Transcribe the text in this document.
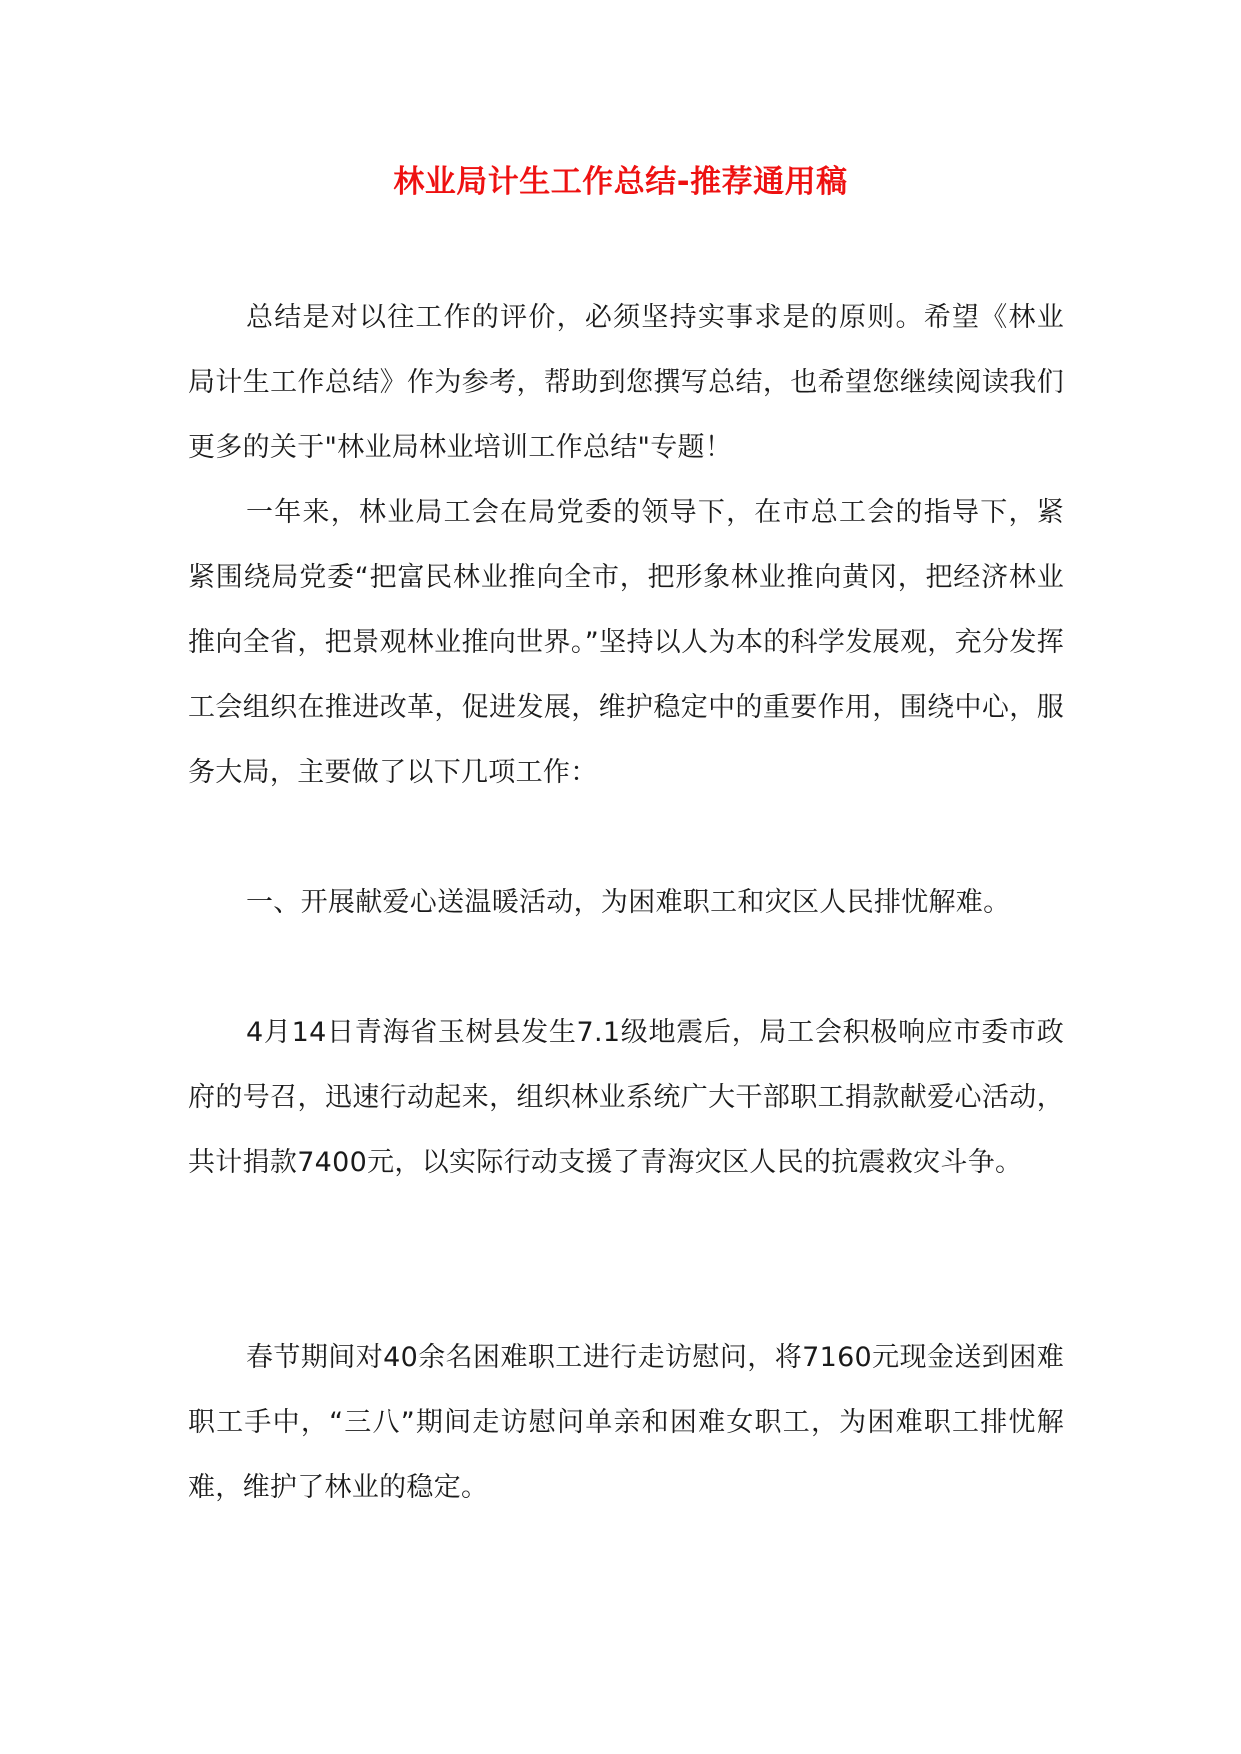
林业局计生工作总结-推荐通用稿

总结是对以往工作的评价，必须坚持实事求是的原则。希望《林业局计生工作总结》作为参考，帮助到您撰写总结，也希望您继续阅读我们更多的关于"林业局林业培训工作总结"专题！

一年来，林业局工会在局党委的领导下，在市总工会的指导下，紧紧围绕局党委“把富民林业推向全市，把形象林业推向黄冈，把经济林业推向全省，把景观林业推向世界。”坚持以人为本的科学发展观，充分发挥工会组织在推进改革，促进发展，维护稳定中的重要作用，围绕中心，服务大局，主要做了以下几项工作：

一、开展献爱心送温暖活动，为困难职工和灾区人民排忧解难。

4月14日青海省玉树县发生7.1级地震后，局工会积极响应市委市政府的号召，迅速行动起来，组织林业系统广大干部职工捐款献爱心活动，共计捐款7400元，以实际行动支援了青海灾区人民的抗震救灾斗争。

春节期间对40余名困难职工进行走访慰问，将7160元现金送到困难职工手中，“三八”期间走访慰问单亲和困难女职工，为困难职工排忧解难，维护了林业的稳定。
